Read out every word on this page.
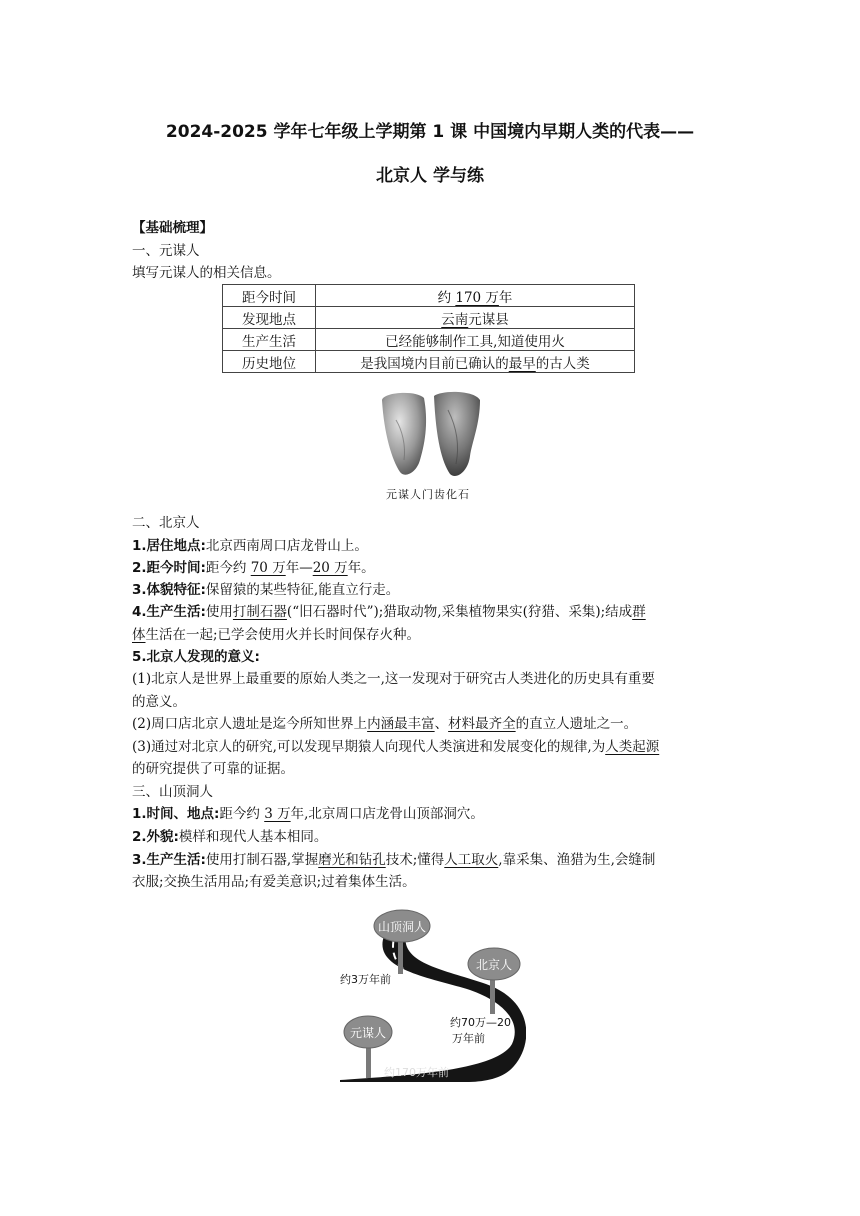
2024-2025 学年七年级上学期第 1 课 中国境内早期人类的代表——
北京人 学与练
【基础梳理】
一、元谋人
填写元谋人的相关信息。
距今时间	约 170 万年
发现地点	云南元谋县
生产生活	已经能够制作工具,知道使用火
历史地位	是我国境内目前已确认的最早的古人类
元谋人门齿化石
二、北京人
1.居住地点:北京西南周口店龙骨山上。
2.距今时间:距今约 70 万年—20 万年。
3.体貌特征:保留猿的某些特征,能直立行走。
4.生产生活:使用打制石器(“旧石器时代”);猎取动物,采集植物果实(狩猎、采集);结成群
体生活在一起;已学会使用火并长时间保存火种。
5.北京人发现的意义:
(1)北京人是世界上最重要的原始人类之一,这一发现对于研究古人类进化的历史具有重要
的意义。
(2)周口店北京人遗址是迄今所知世界上内涵最丰富、材料最齐全的直立人遗址之一。
(3)通过对北京人的研究,可以发现早期猿人向现代人类演进和发展变化的规律,为人类起源
的研究提供了可靠的证据。
三、山顶洞人
1.时间、地点:距今约 3 万年,北京周口店龙骨山顶部洞穴。
2.外貌:模样和现代人基本相同。
3.生产生活:使用打制石器,掌握磨光和钻孔技术;懂得人工取火,靠采集、渔猎为生,会缝制
衣服;交换生活用品;有爱美意识;过着集体生活。
山顶洞人
北京人
元谋人
约3万年前
约70万—20
万年前
约170万年前
